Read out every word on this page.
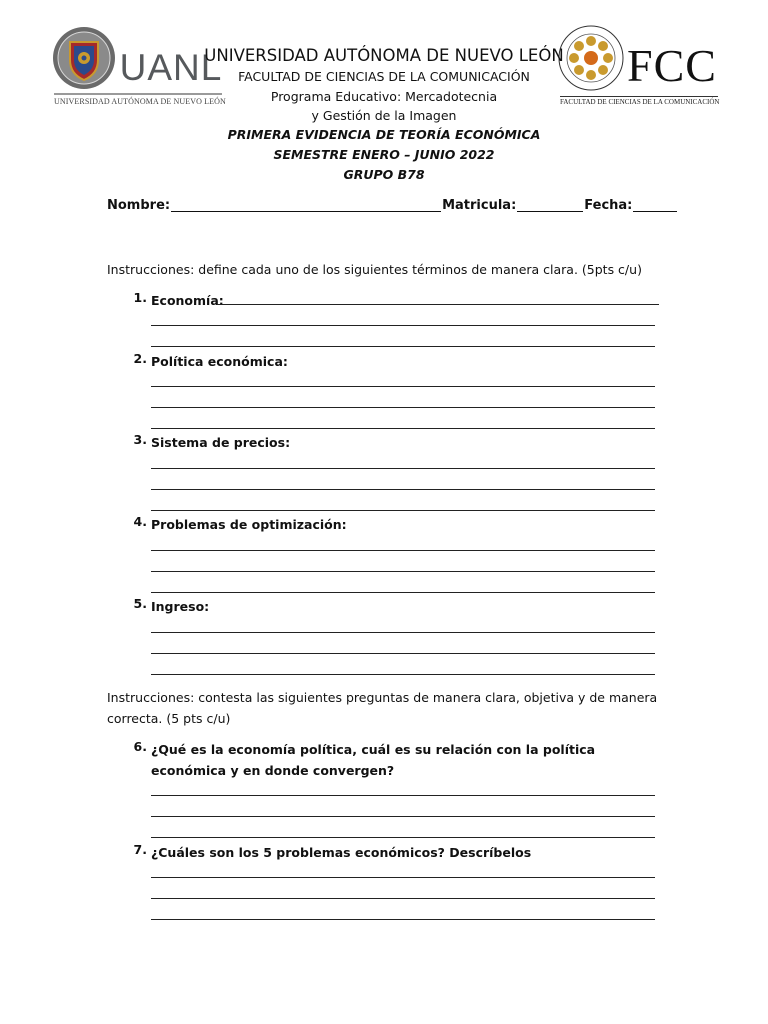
UANL
UNIVERSIDAD AUTÓNOMA DE NUEVO LEÓN
FCC
FACULTAD DE CIENCIAS DE LA COMUNICACIÓN
UNIVERSIDAD AUTÓNOMA DE NUEVO LEÓN
FACULTAD DE CIENCIAS DE LA COMUNICACIÓN
Programa Educativo: Mercadotecnia
y Gestión de la Imagen
PRIMERA EVIDENCIA DE TEORÍA ECONÓMICA
SEMESTRE ENERO – JUNIO 2022
GRUPO B78
Nombre:	Matricula:	Fecha:
Instrucciones: define cada uno de los siguientes términos de manera clara. (5pts c/u)
1. Economía:
2. Política económica:
3. Sistema de precios:
4. Problemas de optimización:
5. Ingreso:
Instrucciones: contesta las siguientes preguntas de manera clara, objetiva y de manera correcta. (5 pts c/u)
6. ¿Qué es la economía política, cuál es su relación con la política económica y en donde convergen?
7. ¿Cuáles son los 5 problemas económicos? Descríbelos
